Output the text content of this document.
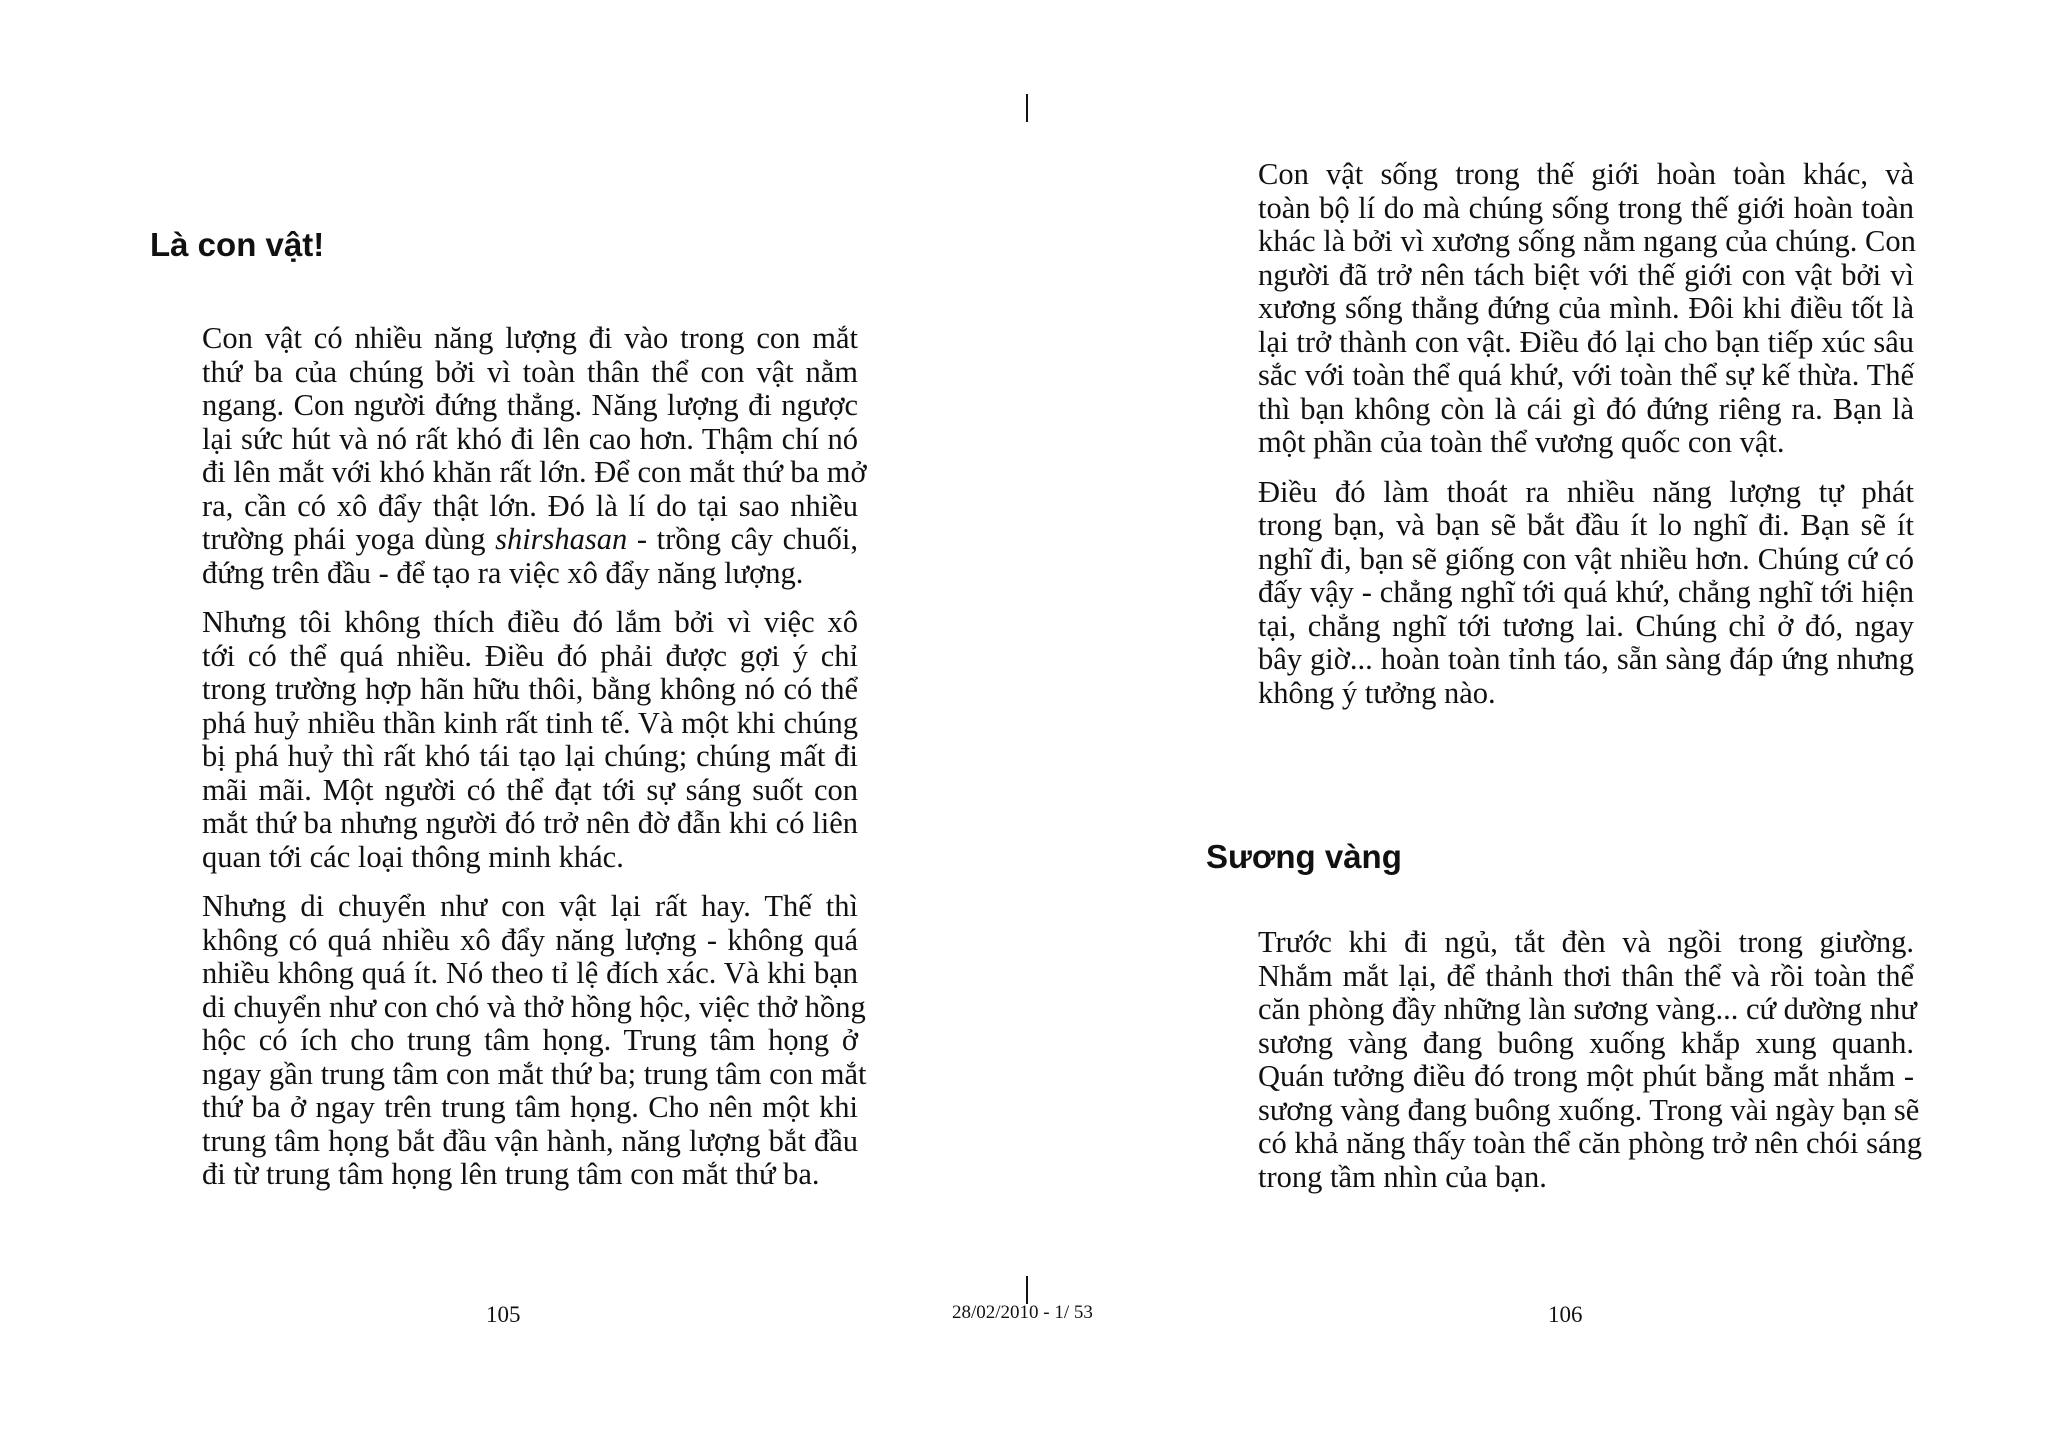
Là con vật!
Con vật có nhiều năng lượng đi vào trong con mắt
thứ ba của chúng bởi vì toàn thân thể con vật nằm
ngang. Con người đứng thẳng. Năng lượng đi ngược
lại sức hút và nó rất khó đi lên cao hơn. Thậm chí nó
đi lên mắt với khó khăn rất lớn. Để con mắt thứ ba mở
ra, cần có xô đẩy thật lớn. Đó là lí do tại sao nhiều
trường phái yoga dùng shirshasan - trồng cây chuối,
đứng trên đầu - để tạo ra việc xô đẩy năng lượng.
Nhưng tôi không thích điều đó lắm bởi vì việc xô
tới có thể quá nhiều. Điều đó phải được gợi ý chỉ
trong trường hợp hãn hữu thôi, bằng không nó có thể
phá huỷ nhiều thần kinh rất tinh tế. Và một khi chúng
bị phá huỷ thì rất khó tái tạo lại chúng; chúng mất đi
mãi mãi. Một người có thể đạt tới sự sáng suốt con
mắt thứ ba nhưng người đó trở nên đờ đẫn khi có liên
quan tới các loại thông minh khác.
Nhưng di chuyển như con vật lại rất hay. Thế thì
không có quá nhiều xô đẩy năng lượng - không quá
nhiều không quá ít. Nó theo tỉ lệ đích xác. Và khi bạn
di chuyển như con chó và thở hồng hộc, việc thở hồng
hộc có ích cho trung tâm họng. Trung tâm họng ở
ngay gần trung tâm con mắt thứ ba; trung tâm con mắt
thứ ba ở ngay trên trung tâm họng. Cho nên một khi
trung tâm họng bắt đầu vận hành, năng lượng bắt đầu
đi từ trung tâm họng lên trung tâm con mắt thứ ba.
105
Con vật sống trong thế giới hoàn toàn khác, và
toàn bộ lí do mà chúng sống trong thế giới hoàn toàn
khác là bởi vì xương sống nằm ngang của chúng. Con
người đã trở nên tách biệt với thế giới con vật bởi vì
xương sống thẳng đứng của mình. Đôi khi điều tốt là
lại trở thành con vật. Điều đó lại cho bạn tiếp xúc sâu
sắc với toàn thể quá khứ, với toàn thể sự kế thừa. Thế
thì bạn không còn là cái gì đó đứng riêng ra. Bạn là
một phần của toàn thể vương quốc con vật.
Điều đó làm thoát ra nhiều năng lượng tự phát
trong bạn, và bạn sẽ bắt đầu ít lo nghĩ đi. Bạn sẽ ít
nghĩ đi, bạn sẽ giống con vật nhiều hơn. Chúng cứ có
đấy vậy - chẳng nghĩ tới quá khứ, chẳng nghĩ tới hiện
tại, chẳng nghĩ tới tương lai. Chúng chỉ ở đó, ngay
bây giờ... hoàn toàn tỉnh táo, sẵn sàng đáp ứng nhưng
không ý tưởng nào.
Sương vàng
Trước khi đi ngủ, tắt đèn và ngồi trong giường.
Nhắm mắt lại, để thảnh thơi thân thể và rồi toàn thể
căn phòng đầy những làn sương vàng... cứ dường như
sương vàng đang buông xuống khắp xung quanh.
Quán tưởng điều đó trong một phút bằng mắt nhắm -
sương vàng đang buông xuống. Trong vài ngày bạn sẽ
có khả năng thấy toàn thể căn phòng trở nên chói sáng
trong tầm nhìn của bạn.
106
28/02/2010 - 1/ 53
